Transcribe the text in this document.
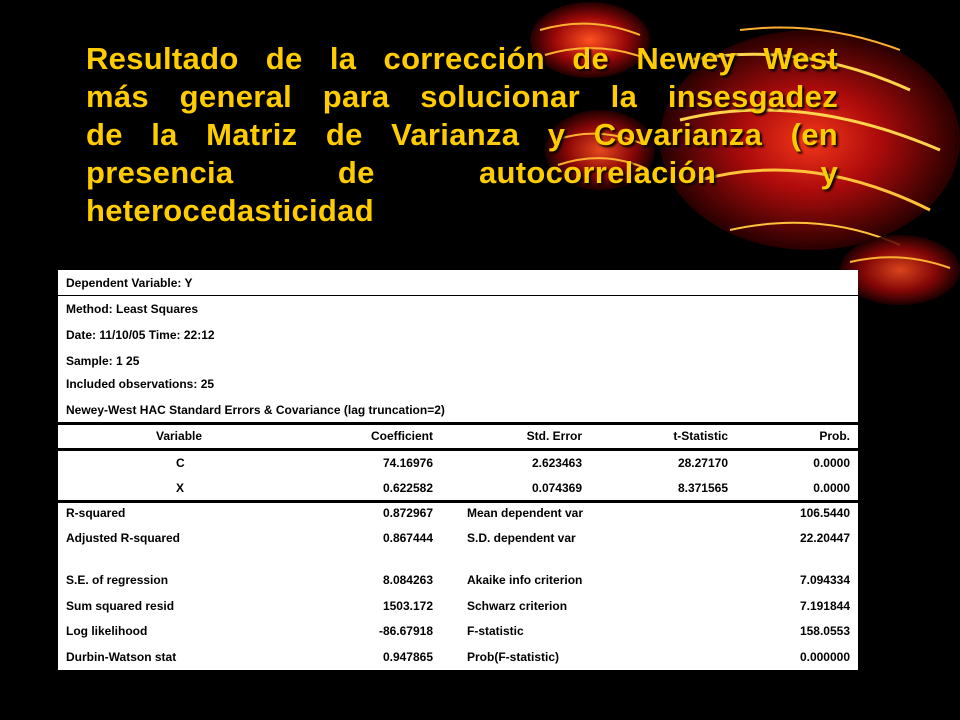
Resultado de la corrección de Newey West
más general para solucionar la insesgadez
de la Matriz de Varianza y Covarianza (en
presencia de autocorrelación y
heterocedasticidad
Dependent Variable: Y
Method: Least Squares
Date: 11/10/05 Time: 22:12
Sample: 1 25
Included observations: 25
Newey-West HAC Standard Errors & Covariance (lag truncation=2)
Variable	Coefficient	Std. Error	t-Statistic	Prob.
C	74.16976	2.623463	28.27170	0.0000
X	0.622582	0.074369	8.371565	0.0000
R-squared	0.872967	Mean dependent var	106.5440
Adjusted R-squared	0.867444	S.D. dependent var	22.20447
S.E. of regression	8.084263	Akaike info criterion	7.094334
Sum squared resid	1503.172	Schwarz criterion	7.191844
Log likelihood	-86.67918	F-statistic	158.0553
Durbin-Watson stat	0.947865	Prob(F-statistic)	0.000000
